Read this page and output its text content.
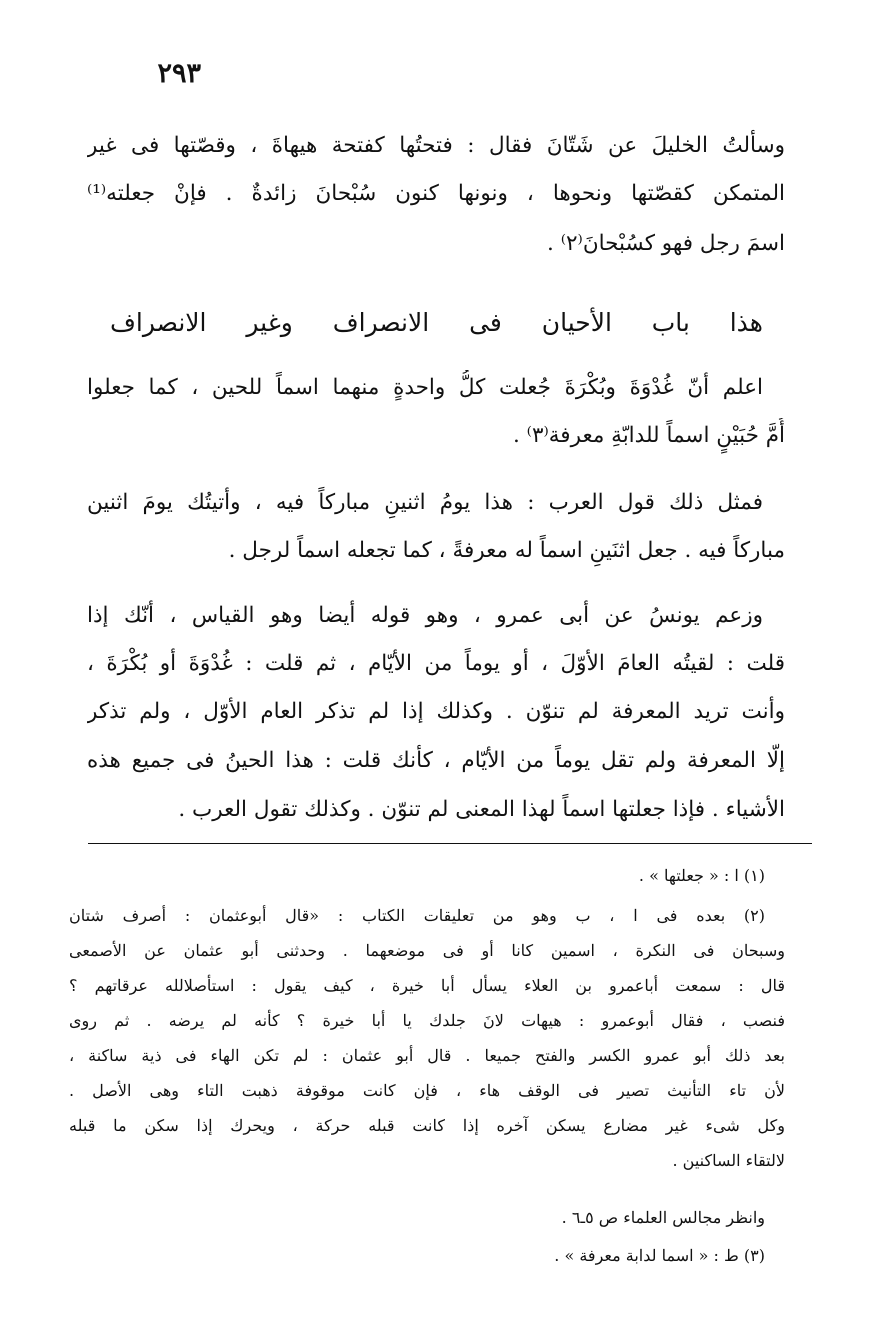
٢٩٣
وسألتُ الخليلَ عن شَتّانَ فقال : فتحتُها كفتحة هيهاةَ ، وقصّتها فى غير
المتمكن كقصّتها ونحوها ، ونونها كنون سُبْحانَ زائدةٌ . فإنْ جعلته⁽¹⁾
اسمَ رجل فهو كسُبْحانَ⁽٢⁾ .
هذا باب الأحيان فى الانصراف وغير الانصراف
اعلم أنّ غُدْوَةَ وبُكْرَةَ جُعلت كلُّ واحدةٍ منهما اسماً للحين ، كما جعلوا
أُمَّ حُبَيْنٍ اسماً للدابّةِ معرفة⁽٣⁾ .
فمثل ذلك قول العرب : هذا يومُ اثنينِ مباركاً فيه ، وأتيتُك يومَ اثنين
مباركاً فيه . جعل اثنَينِ اسماً له معرفةً ، كما تجعله اسماً لرجل .
وزعم يونسُ عن أبى عمرو ، وهو قوله أيضا وهو القياس ، أنّك إذا
قلت : لقيتُه العامَ الأوّلَ ، أو يوماً من الأيّام ، ثم قلت : غُدْوَةَ أو بُكْرَةَ ،
وأنت تريد المعرفة لم تنوّن . وكذلك إذا لم تذكر العام الأوّل ، ولم تذكر
إلّا المعرفة ولم تقل يوماً من الأيّام ، كأنك قلت : هذا الحينُ فى جميع هذه
الأشياء . فإذا جعلتها اسماً لهذا المعنى لم تنوّن . وكذلك تقول العرب .
(١) ا : « جعلتها » .
(٢) بعده فى ا ، ب وهو من تعليقات الكتاب : «قال أبوعثمان : أصرف شتان
وسبحان فى النكرة ، اسمين كانا أو فى موضعهما . وحدثنى أبو عثمان عن الأصمعى
قال : سمعت أباعمرو بن العلاء يسأل أبا خيرة ، كيف يقول : استأصلالله عرقاتهم ؟
فنصب ، فقال أبوعمرو : هيهات لانَ جلدك يا أبا خيرة ؟ كأنه لم يرضه . ثم روى
بعد ذلك أبو عمرو الكسر والفتح جميعا . قال أبو عثمان : لم تكن الهاء فى ذية ساكنة ،
لأن تاء التأنيث تصير فى الوقف هاء ، فإن كانت موقوفة ذهبت التاء وهى الأصل .
وكل شىء غير مضارع يسكن آخره إذا كانت قبله حركة ، ويحرك إذا سكن ما قبله
لالتقاء الساكنين .
وانظر مجالس العلماء ص ٥ـ٦ .
(٣) ط : « اسما لدابة معرفة » .
